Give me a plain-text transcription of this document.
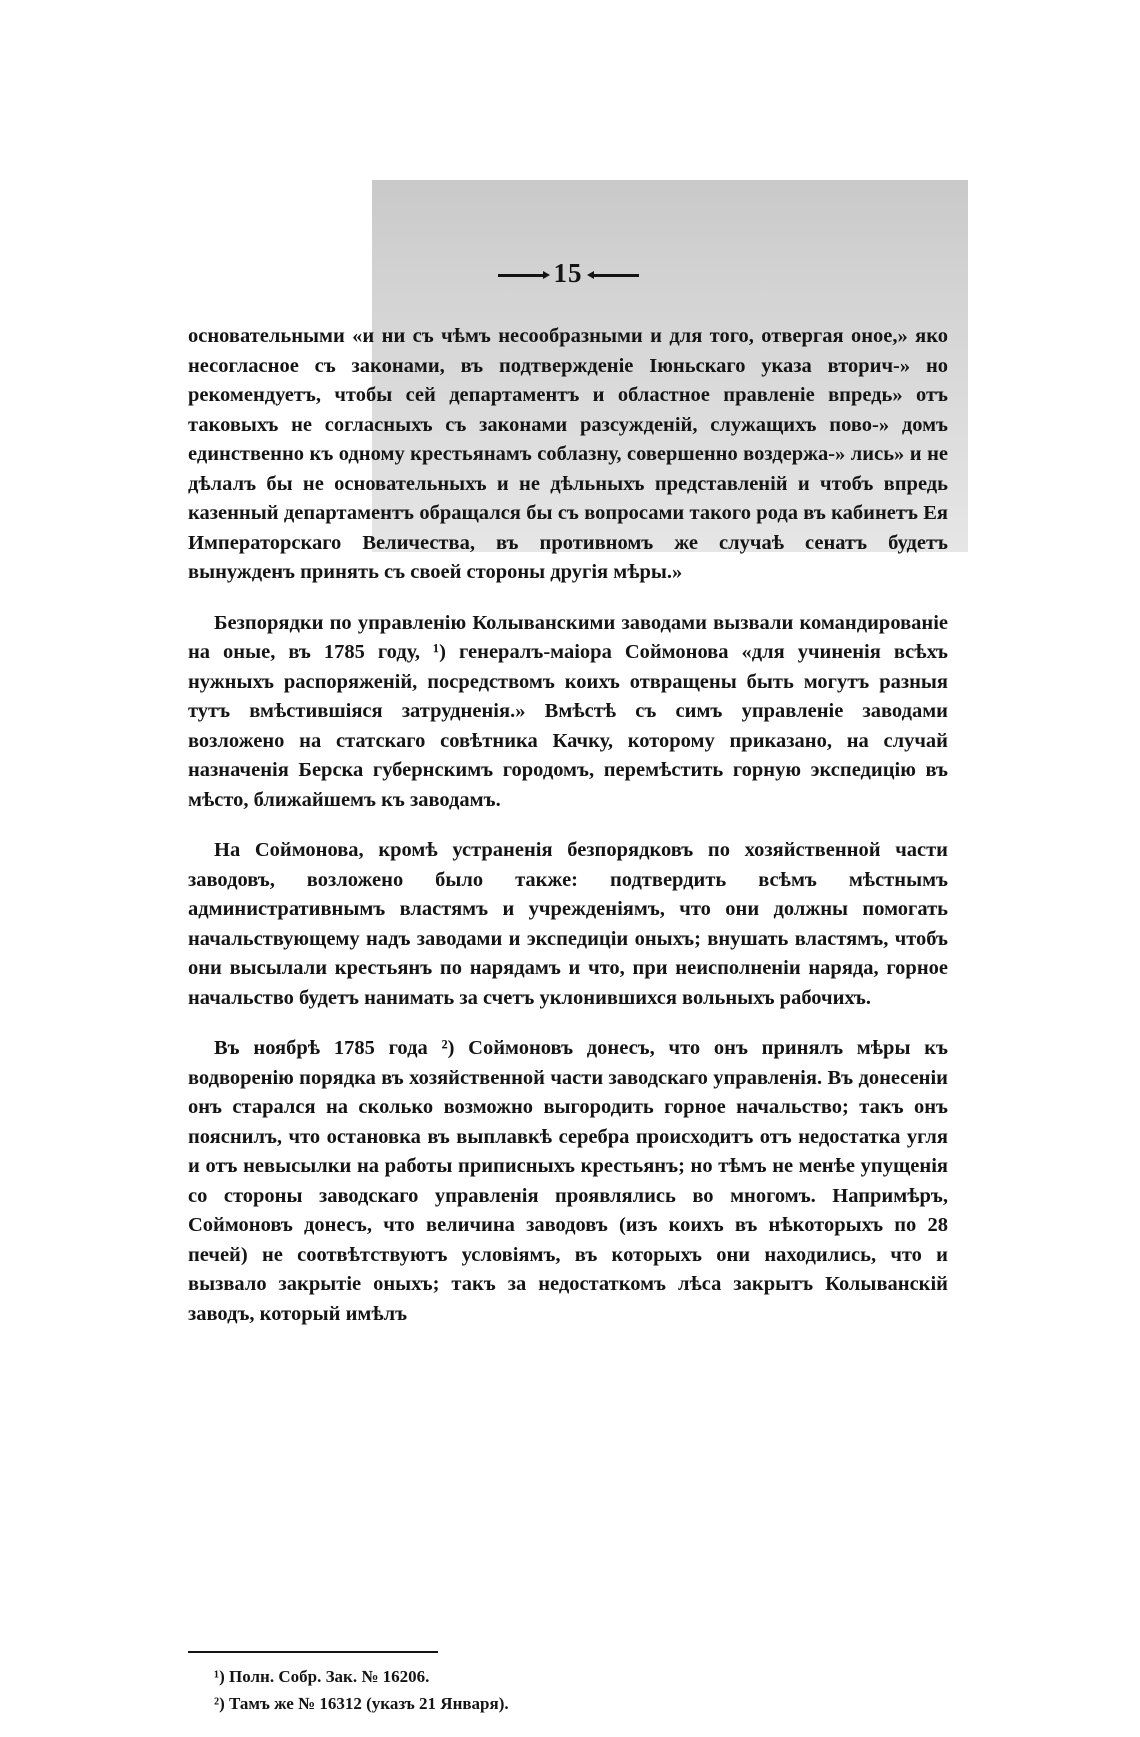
15

основательными «и ни съ чѣмъ несообразными и для того, отвергая оное,» яко несогласное съ законами, въ подтвержденіе Іюньскаго указа вторич-» но рекомендуетъ, чтобы сей департаментъ и областное правленіе впредь» отъ таковыхъ не согласныхъ съ законами разсужденій, служащихъ пово-» домъ единственно къ одному крестьянамъ соблазну, совершенно воздержа-» лись» и не дѣлалъ бы не основательныхъ и не дѣльныхъ представленій и чтобъ впредь казенный департаментъ обращался бы съ вопросами такого рода въ кабинетъ Ея Императорскаго Величества, въ противномъ же случаѣ сенатъ будетъ вынужденъ принять съ своей стороны другія мѣры.»

Безпорядки по управленію Колыванскими заводами вызвали командированіе на оные, въ 1785 году, ¹) генералъ-маіора Соймонова «для учиненія всѣхъ нужныхъ распоряженій, посредствомъ коихъ отвращены быть могутъ разныя тутъ вмѣстившіяся затрудненія.» Вмѣстѣ съ симъ управленіе заводами возложено на статскаго совѣтника Качку, которому приказано, на случай назначенія Берска губернскимъ городомъ, перемѣстить горную экспедицію въ мѣсто, ближайшемъ къ заводамъ.

На Соймонова, кромѣ устраненія безпорядковъ по хозяйственной части заводовъ, возложено было также: подтвердить всѣмъ мѣстнымъ административнымъ властямъ и учрежденіямъ, что они должны помогать начальствующему надъ заводами и экспедиціи оныхъ; внушать властямъ, чтобъ они высылали крестьянъ по нарядамъ и что, при неисполненіи наряда, горное начальство будетъ нанимать за счетъ уклонившихся вольныхъ рабочихъ.

Въ ноябрѣ 1785 года ²) Соймоновъ донесъ, что онъ принялъ мѣры къ водворенію порядка въ хозяйственной части заводскаго управленія. Въ донесеніи онъ старался на сколько возможно выгородить горное начальство; такъ онъ пояснилъ, что остановка въ выплавкѣ серебра происходитъ отъ недостатка угля и отъ невысылки на работы приписныхъ крестьянъ; но тѣмъ не менѣе упущенія со стороны заводскаго управленія проявлялись во многомъ. Напримѣръ, Соймоновъ донесъ, что величина заводовъ (изъ коихъ въ нѣкоторыхъ по 28 печей) не соотвѣтствуютъ условіямъ, въ которыхъ они находились, что и вызвало закрытіе оныхъ; такъ за недостаткомъ лѣса закрытъ Колыванскій заводъ, который имѣлъ

¹) Полн. Собр. Зак. № 16206.

²) Тамъ же № 16312 (указъ 21 Января).
